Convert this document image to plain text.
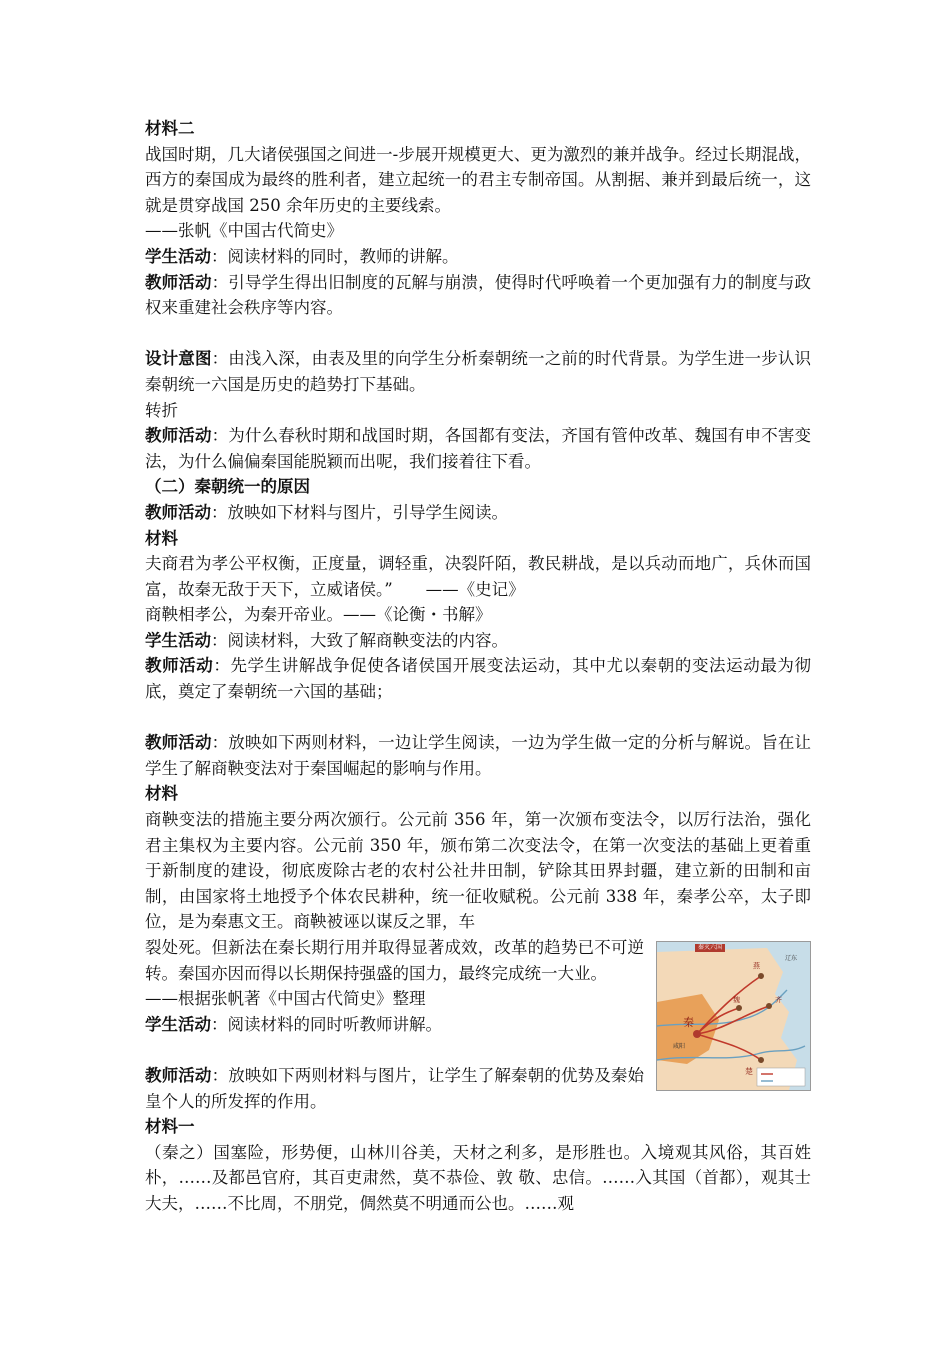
材料二

战国时期，几大诸侯强国之间进一-步展开规模更大、更为激烈的兼并战争。经过长期混战，西方的秦国成为最终的胜利者，建立起统一的君主专制帝国。从割据、兼并到最后统一，这就是贯穿战国 250 余年历史的主要线索。

——张帆《中国古代简史》

学生活动：阅读材料的同时，教师的讲解。

教师活动：引导学生得出旧制度的瓦解与崩溃，使得时代呼唤着一个更加强有力的制度与政权来重建社会秩序等内容。

设计意图：由浅入深，由表及里的向学生分析秦朝统一之前的时代背景。为学生进一步认识秦朝统一六国是历史的趋势打下基础。

转折

教师活动：为什么春秋时期和战国时期，各国都有变法，齐国有管仲改革、魏国有申不害变法，为什么偏偏秦国能脱颖而出呢，我们接着往下看。

（二）秦朝统一的原因

教师活动：放映如下材料与图片，引导学生阅读。

材料

夫商君为孝公平权衡，正度量，调轻重，决裂阡陌，教民耕战，是以兵动而地广，兵休而国富，故秦无敌于天下，立威诸侯。”　　——《史记》

商鞅相孝公，为秦开帝业。——《论衡・书解》

学生活动：阅读材料，大致了解商鞅变法的内容。

教师活动：先学生讲解战争促使各诸侯国开展变法运动，其中尤以秦朝的变法运动最为彻底，奠定了秦朝统一六国的基础；

教师活动：放映如下两则材料，一边让学生阅读，一边为学生做一定的分析与解说。旨在让学生了解商鞅变法对于秦国崛起的影响与作用。

材料

商鞅变法的措施主要分两次颁行。公元前 356 年，第一次颁布变法令，以厉行法治，强化君主集权为主要内容。公元前 350 年，颁布第二次变法令，在第一次变法的基础上更着重于新制度的建设，彻底废除古老的农村公社井田制，铲除其田界封疆，建立新的田制和亩制，由国家将土地授予个体农民耕种，统一征收赋税。公元前 338 年，秦孝公卒，太子即位，是为秦惠文王。商鞅被诬以谋反之罪，车

秦
咸阳
楚
齐
魏
燕
辽东
秦灭六国

裂处死。但新法在秦长期行用并取得显著成效，改革的趋势已不可逆转。秦国亦因而得以长期保持强盛的国力，最终完成统一大业。

——根据张帆著《中国古代简史》整理

学生活动：阅读材料的同时听教师讲解。

教师活动：放映如下两则材料与图片，让学生了解秦朝的优势及秦始皇个人的所发挥的作用。

材料一

（秦之）国塞险，形势便，山林川谷美，天材之利多，是形胜也。入境观其风俗，其百姓朴，……及都邑官府，其百吏肃然，莫不恭俭、敦 敬、忠信。……入其国（首都），观其士大夫，……不比周，不朋党，倜然莫不明通而公也。……观
